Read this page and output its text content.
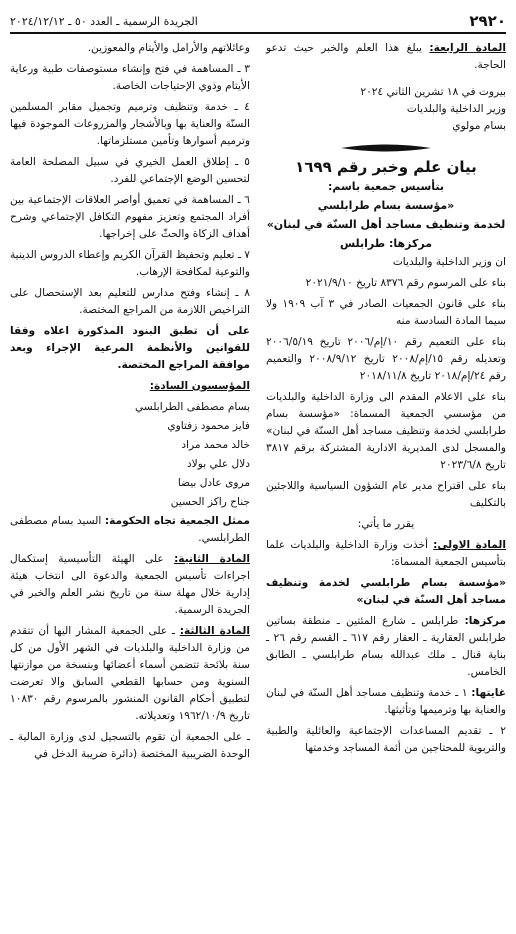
٢٩٢٠
الجريدة الرسمية ـ العدد ٥٠ ـ ٢٠٢٤/١٢/١٢

المادة الرابعة: يبلغ هذا العلم والخبر حيث تدعو الحاجة.

بيروت في ١٨ تشرين الثاني ٢٠٢٤
وزير الداخلية والبلديات
بسام مولوي
بيان علم وخبر رقم ١٦٩٩
بتأسيس جمعية باسم:
«مؤسسة بسام طرابلسي
لخدمة وتنظيف مساجد أهل السنّة في لبنان»
مركزها: طرابلس

ان وزير الداخلية والبلديات

بناء على المرسوم رقم ٨٣٧٦ تاريخ ٢٠٢١/٩/١٠

بناء على قانون الجمعيات الصادر في ٣ آب ١٩٠٩ ولا سيما المادة السادسة منه

بناء على التعميم رقم ١٠/إم/٢٠٠٦ تاريخ ٢٠٠٦/٥/١٩ وتعديله رقم ١٥/إم/٢٠٠٨ تاريخ ٢٠٠٨/٩/١٢ والتعميم رقم ٢٤/إم/٢٠١٨ تاريخ ٢٠١٨/١١/٨

بناء على الاعلام المقدم الى وزارة الداخلية والبلديات من مؤسسي الجمعية المسماة: «مؤسسة بسام طرابلسي لخدمة وتنظيف مساجد أهل السنّة في لبنان» والمسجل لدى المديرية الادارية المشتركة برقم ٣٨١٧ تاريخ ٢٠٢٣/٦/٨

بناء على اقتراح مدير عام الشؤون السياسية واللاجئين بالتكليف

يقرر ما يأتي:

المادة الاولى: أخذت وزارة الداخلية والبلديات علما بتأسيس الجمعية المسماة:

«مؤسسة بسام طرابلسي لخدمة وتنظيف مساجد أهل السنّة في لبنان»

مركزها: طرابلس ـ شارع المئتين ـ منطقة بساتين طرابلس العقارية ـ العقار رقم ٦١٧ ـ القسم رقم ٢٦ ـ بناية قنال ـ ملك عبدالله بسام طرابلسي ـ الطابق الخامس.

غايتها: ١ ـ خدمة وتنظيف مساجد أهل السنّة في لبنان والعناية بها وترميمها وتأثيثها.

٢ ـ تقديم المساعدات الإجتماعية والعائلية والطبية والتربوية للمحتاجين من أئمة المساجد وخدمتها

وعائلاتهم والأرامل والأيتام والمعوزين.

٣ ـ المساهمة في فتح وإنشاء مستوصفات طبية ورعاية الأيتام وذوي الإحتياجات الخاصة.

٤ ـ خدمة وتنظيف وترميم وتجميل مقابر المسلمين السنّة والعناية بها وبالأشجار والمزروعات الموجودة فيها وترميم أسوارها وتأمين مستلزماتها.

٥ ـ إطلاق العمل الخيري في سبيل المصلحة العامة لتحسين الوضع الإجتماعي للفرد.

٦ ـ المساهمة في تعميق أواصر العلاقات الإجتماعية بين أفراد المجتمع وتعزيز مفهوم التكافل الإجتماعي وشرح أهداف الزكاة والحثّ على إخراجها.

٧ ـ تعليم وتحفيظ القرآن الكريم وإعطاء الدروس الدينية والتوعية لمكافحة الإرهاب.

٨ ـ إنشاء وفتح مدارس للتعليم بعد الإستحصال على التراخيص اللازمة من المراجع المختصة.

على أن تطبق البنود المذكورة اعلاه وفقا للقوانين والأنظمة المرعية الإجراء وبعد موافقة المراجع المختصة.

المؤسسون السادة:

بسام مصطفى الطرابلسي
فايز محمود زفتاوي
خالد محمد مراد
دلال علي بولاد
مروى عادل بيضا
جناح راكز الحسين

ممثل الجمعية تجاه الحكومة: السيد بسام مصطفى الطرابلسي.

المادة الثانية: على الهيئة التأسيسية إستكمال اجراءات تأسيس الجمعية والدعوة الى انتخاب هيئة إدارية خلال مهلة سنة من تاريخ نشر العلم والخبر في الجريدة الرسمية.

المادة الثالثة: ـ على الجمعية المشار اليها أن تتقدم من وزارة الداخلية والبلديات في الشهر الأول من كل سنة بلائحة تتضمن أسماء أعضائها وبنسخة من موازنتها السنوية ومن حسابها القطعي السابق والا تعرضت لتطبيق أحكام القانون المنشور بالمرسوم رقم ١٠٨٣٠ تاريخ ١٩٦٢/١٠/٩ وتعديلاته.

ـ على الجمعية أن تقوم بالتسجيل لدى وزارة المالية ـ الوحدة الضريبية المختصة (دائرة ضريبة الدخل في
